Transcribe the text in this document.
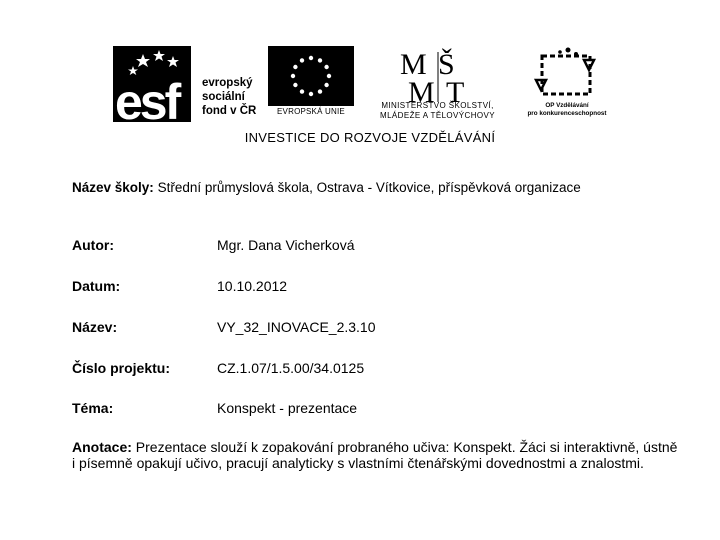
esf evropský
sociální
fond v ČR	EVROPSKÁ UNIE
M Š
M T
MINISTERSTVO ŠKOLSTVÍ,
MLÁDEŽE A TĚLOVÝCHOVY
OP Vzdělávání
pro konkurenceschopnost
INVESTICE DO ROZVOJE VZDĚLÁVÁNÍ
Název školy: Střední průmyslová škola, Ostrava - Vítkovice, příspěvková organizace
Autor:	Mgr. Dana Vicherková
Datum:	10.10.2012
Název:	VY_32_INOVACE_2.3.10
Číslo projektu:	CZ.1.07/1.5.00/34.0125
Téma:	Konspekt - prezentace
Anotace: Prezentace slouží k zopakování probraného učiva: Konspekt. Žáci si interaktivně, ústně i písemně opakují učivo, pracují analyticky s vlastními čtenářskými dovednostmi a znalostmi.
